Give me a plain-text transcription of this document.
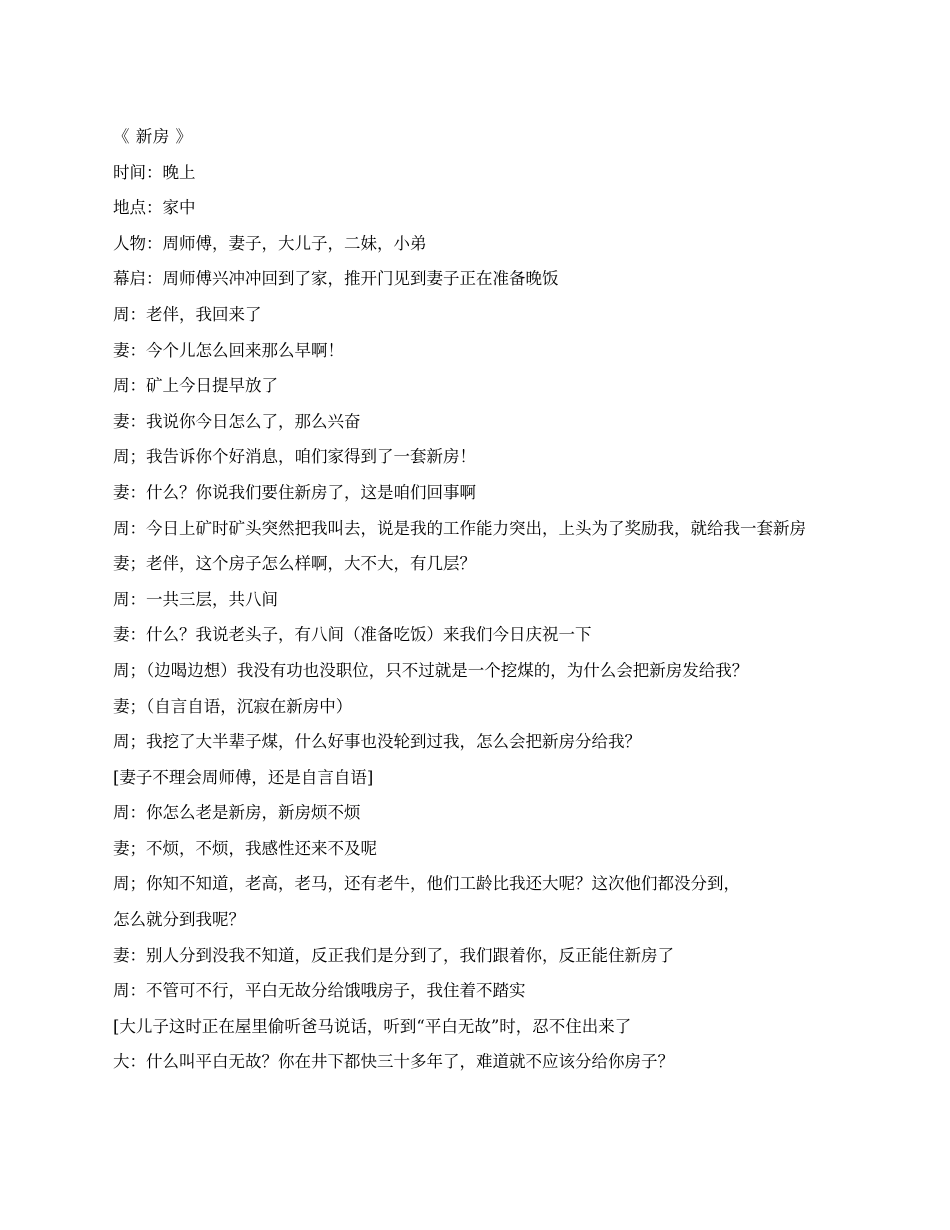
《 新房 》
时间：晚上
地点：家中
人物：周师傅，妻子，大儿子，二妹，小弟
幕启：周师傅兴冲冲回到了家，推开门见到妻子正在准备晚饭
周：老伴，我回来了
妻：今个儿怎么回来那么早啊！
周：矿上今日提早放了
妻：我说你今日怎么了，那么兴奋
周；我告诉你个好消息，咱们家得到了一套新房！
妻：什么？你说我们要住新房了，这是咱们回事啊
周：今日上矿时矿头突然把我叫去，说是我的工作能力突出，上头为了奖励我，就给我一套新房
妻；老伴，这个房子怎么样啊，大不大，有几层？
周：一共三层，共八间
妻：什么？我说老头子，有八间（准备吃饭）来我们今日庆祝一下
周；（边喝边想）我没有功也没职位，只不过就是一个挖煤的，为什么会把新房发给我？
妻；（自言自语，沉寂在新房中）
周；我挖了大半辈子煤，什么好事也没轮到过我，怎么会把新房分给我？
[妻子不理会周师傅，还是自言自语]
周：你怎么老是新房，新房烦不烦
妻；不烦，不烦，我感性还来不及呢
周；你知不知道，老高，老马，还有老牛，他们工龄比我还大呢？这次他们都没分到，
怎么就分到我呢？
妻：别人分到没我不知道，反正我们是分到了，我们跟着你，反正能住新房了
周：不管可不行，平白无故分给饿哦房子，我住着不踏实
[大儿子这时正在屋里偷听爸马说话，听到“平白无故”时，忍不住出来了
大：什么叫平白无故？你在井下都快三十多年了，难道就不应该分给你房子？
